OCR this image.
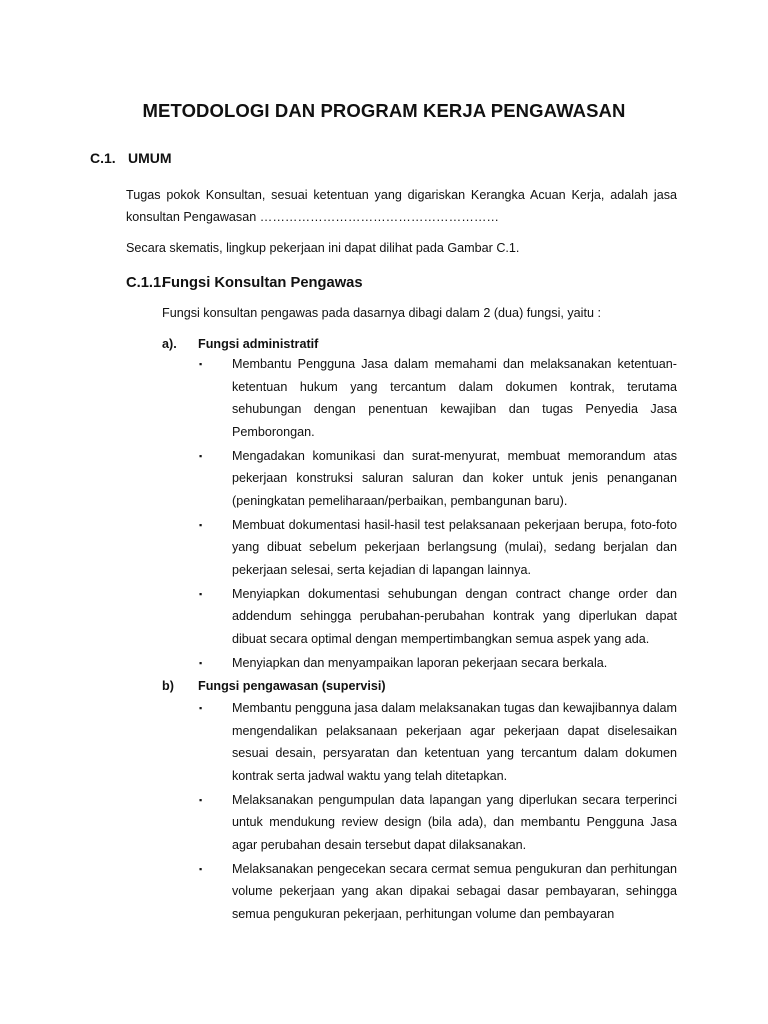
METODOLOGI DAN PROGRAM KERJA PENGAWASAN
C.1. UMUM

Tugas pokok Konsultan, sesuai ketentuan yang digariskan Kerangka Acuan Kerja, adalah jasa konsultan Pengawasan …………………………………………………

Secara skematis, lingkup pekerjaan ini dapat dilihat pada Gambar C.1.

C.1.1.Fungsi Konsultan Pengawas

Fungsi konsultan pengawas pada dasarnya dibagi dalam 2 (dua) fungsi, yaitu :

a). Fungsi administratif
▪ Membantu Pengguna Jasa dalam memahami dan melaksanakan ketentuan-ketentuan hukum yang tercantum dalam dokumen kontrak, terutama sehubungan dengan penentuan kewajiban dan tugas Penyedia Jasa Pemborongan.
▪ Mengadakan komunikasi dan surat-menyurat, membuat memorandum atas pekerjaan konstruksi saluran saluran dan koker untuk jenis penanganan (peningkatan pemeliharaan/perbaikan, pembangunan baru).
▪ Membuat dokumentasi hasil-hasil test pelaksanaan pekerjaan berupa, foto-foto yang dibuat sebelum pekerjaan berlangsung (mulai), sedang berjalan dan pekerjaan selesai, serta kejadian di lapangan lainnya.
▪ Menyiapkan dokumentasi sehubungan dengan contract change order dan addendum sehingga perubahan-perubahan kontrak yang diperlukan dapat dibuat secara optimal dengan mempertimbangkan semua aspek yang ada.
▪ Menyiapkan dan menyampaikan laporan pekerjaan secara berkala.
b) Fungsi pengawasan (supervisi)
▪ Membantu pengguna jasa dalam melaksanakan tugas dan kewajibannya dalam mengendalikan pelaksanaan pekerjaan agar pekerjaan dapat diselesaikan sesuai desain, persyaratan dan ketentuan yang tercantum dalam dokumen kontrak serta jadwal waktu yang telah ditetapkan.
▪ Melaksanakan pengumpulan data lapangan yang diperlukan secara terperinci untuk mendukung review design (bila ada), dan membantu Pengguna Jasa agar perubahan desain tersebut dapat dilaksanakan.
▪ Melaksanakan pengecekan secara cermat semua pengukuran dan perhitungan volume pekerjaan yang akan dipakai sebagai dasar pembayaran, sehingga semua pengukuran pekerjaan, perhitungan volume dan pembayaran
